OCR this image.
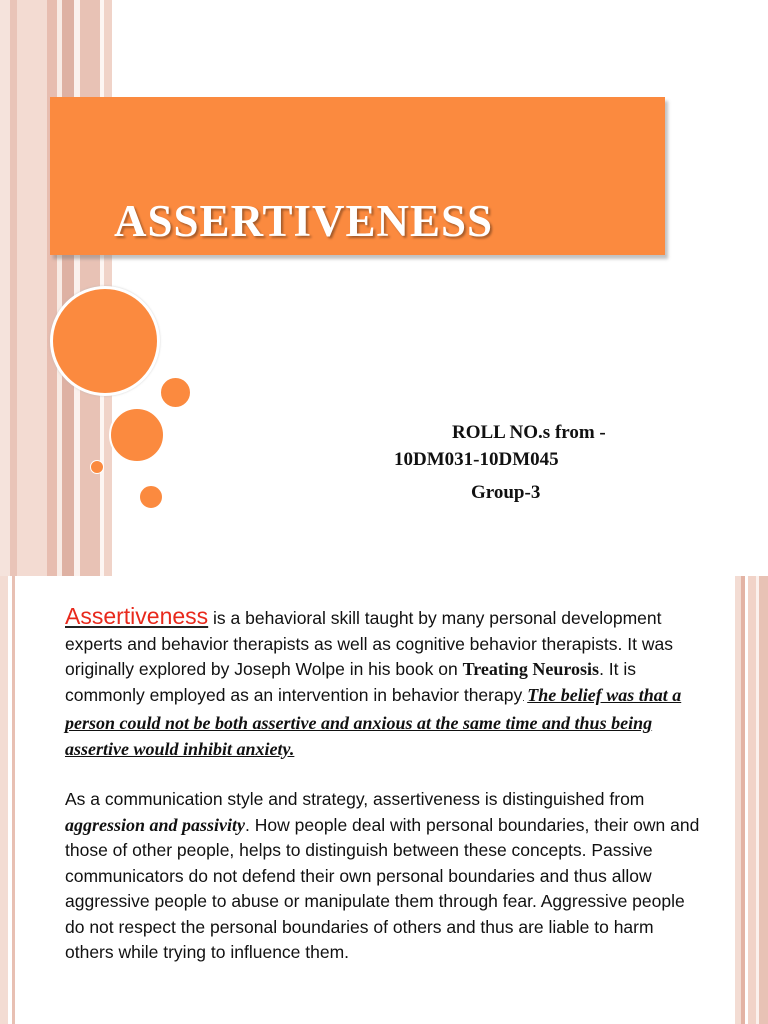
ASSERTIVENESS
ROLL NO.s from -
10DM031-10DM045
Group-3

Assertiveness is a behavioral skill taught by many personal development experts and behavior therapists as well as cognitive behavior therapists. It was originally explored by Joseph Wolpe in his book on Treating Neurosis. It is commonly employed as an intervention in behavior therapy. The belief was that a person could not be both assertive and anxious at the same time and thus being assertive would inhibit anxiety.

As a communication style and strategy, assertiveness is distinguished from aggression and passivity. How people deal with personal boundaries, their own and those of other people, helps to distinguish between these concepts. Passive communicators do not defend their own personal boundaries and thus allow aggressive people to abuse or manipulate them through fear. Aggressive people do not respect the personal boundaries of others and thus are liable to harm others while trying to influence them.
